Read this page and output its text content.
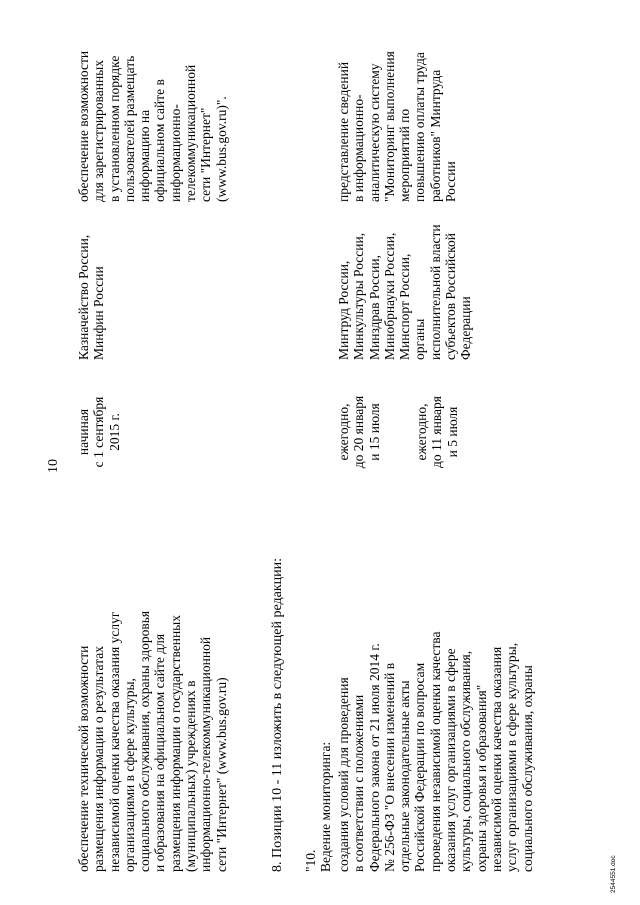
10
обеспечение технической возможности
размещения информации о результатах
независимой оценки качества оказания услуг
организациями в сфере культуры,
социального обслуживания, охраны здоровья
и образования на официальном сайте для
размещения информации о государственных
(муниципальных) учреждениях в
информационно-телекоммуникационной
сети "Интернет" (www.bus.gov.ru)
начиная
с 1 сентября
2015 г.
Казначейство России,
Минфин России
обеспечение возможности
для зарегистрированных
в установленном порядке
пользователей размещать
информацию на
официальном сайте в
информационно-
телекоммуникационной
сети "Интернет"
(www.bus.gov.ru)".
8. Позиции 10 - 11 изложить в следующей редакции: "10. Ведение мониторинга: создания условий для проведения
в соответствии с положениями
Федерального закона от 21 июля 2014 г.
№ 256-ФЗ "О внесении изменений в
отдельные законодательные акты
Российской Федерации по вопросам
проведения независимой оценки качества
оказания услуг организациями в сфере
культуры, социального обслуживания,
охраны здоровья и образования"
независимой оценки качества оказания
услуг организациями в сфере культуры,
социального обслуживания, охраны
ежегодно,
до 20 января
и 15 июля ежегодно,
до 11 января
и 5 июля
Минтруд России,
Минкультуры России,
Минздрав России,
Минобрнауки России,
Минспорт России,
органы
исполнительной власти
субъектов Российской
Федерации
представление сведений
в информационно-
аналитическую систему
"Мониторинг выполнения
мероприятий по
повышению оплаты труда
работников" Минтруда
России
2544551.doc
